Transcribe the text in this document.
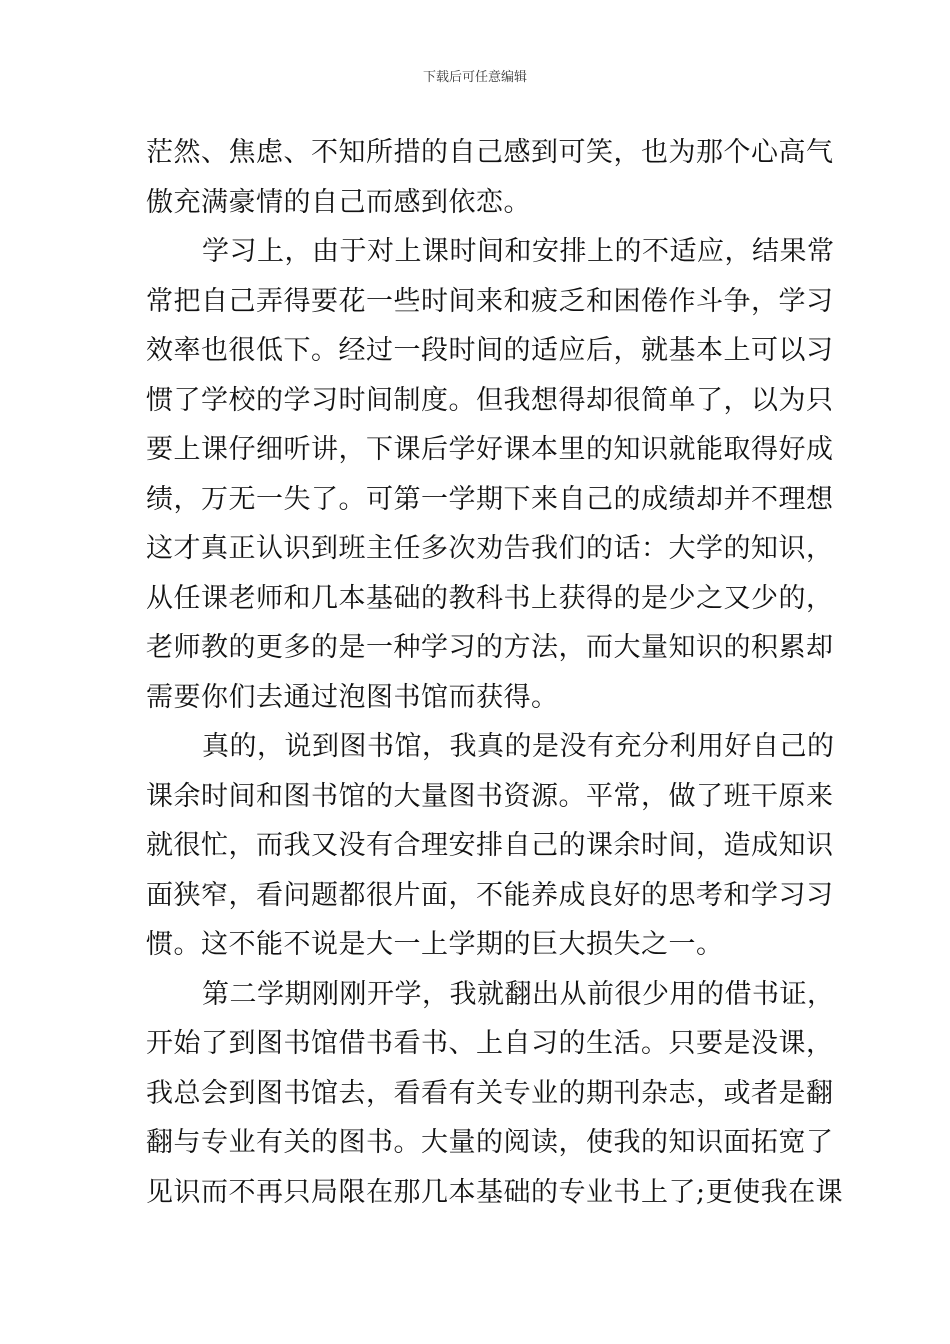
下载后可任意编辑

茫然、焦虑、不知所措的自己感到可笑，也为那个心高气
傲充满豪情的自己而感到依恋。

学习上，由于对上课时间和安排上的不适应，结果常
常把自己弄得要花一些时间来和疲乏和困倦作斗争，学习
效率也很低下。经过一段时间的适应后，就基本上可以习
惯了学校的学习时间制度。但我想得却很简单了，以为只
要上课仔细听讲，下课后学好课本里的知识就能取得好成
绩，万无一失了。可第一学期下来自己的成绩却并不理想
这才真正认识到班主任多次劝告我们的话：大学的知识，
从任课老师和几本基础的教科书上获得的是少之又少的，
老师教的更多的是一种学习的方法，而大量知识的积累却
需要你们去通过泡图书馆而获得。

真的，说到图书馆，我真的是没有充分利用好自己的
课余时间和图书馆的大量图书资源。平常，做了班干原来
就很忙，而我又没有合理安排自己的课余时间，造成知识
面狭窄，看问题都很片面，不能养成良好的思考和学习习
惯。这不能不说是大一上学期的巨大损失之一。

第二学期刚刚开学，我就翻出从前很少用的借书证，
开始了到图书馆借书看书、上自习的生活。只要是没课，
我总会到图书馆去，看看有关专业的期刊杂志，或者是翻
翻与专业有关的图书。大量的阅读，使我的知识面拓宽了
见识而不再只局限在那几本基础的专业书上了;更使我在课
